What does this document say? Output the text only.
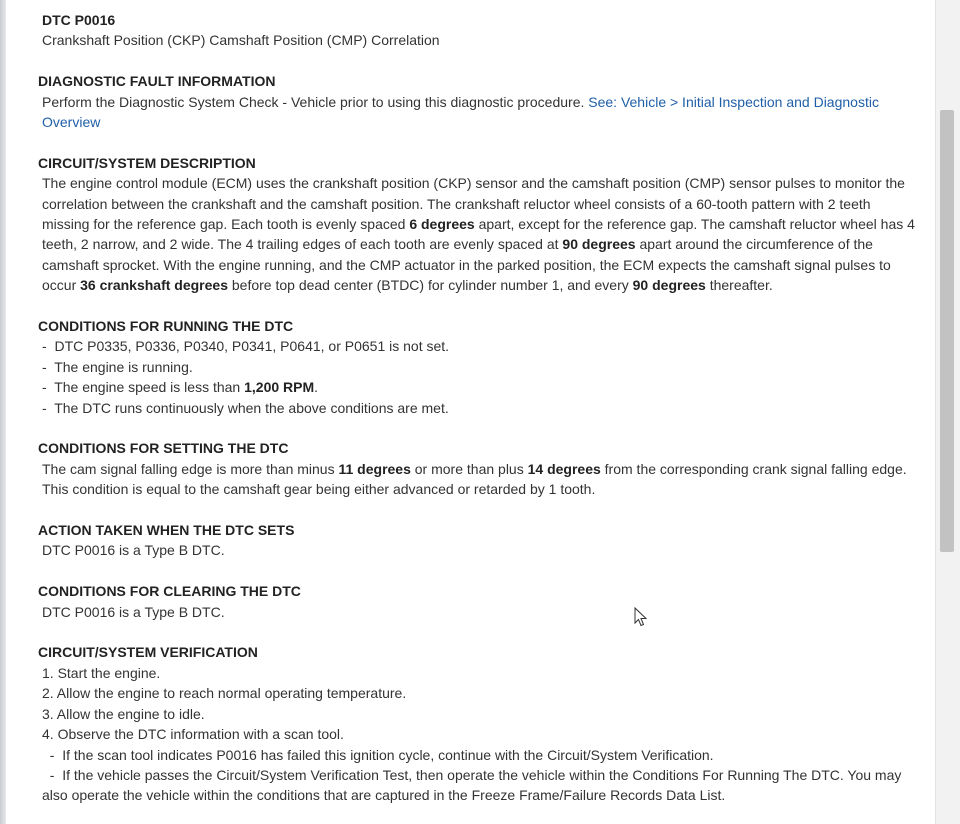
DTC P0016
Crankshaft Position (CKP) Camshaft Position (CMP) Correlation
DIAGNOSTIC FAULT INFORMATION
Perform the Diagnostic System Check - Vehicle prior to using this diagnostic procedure. See: Vehicle > Initial Inspection and Diagnostic Overview
CIRCUIT/SYSTEM DESCRIPTION
The engine control module (ECM) uses the crankshaft position (CKP) sensor and the camshaft position (CMP) sensor pulses to monitor the correlation between the crankshaft and the camshaft position. The crankshaft reluctor wheel consists of a 60-tooth pattern with 2 teeth missing for the reference gap. Each tooth is evenly spaced 6 degrees apart, except for the reference gap. The camshaft reluctor wheel has 4 teeth, 2 narrow, and 2 wide. The 4 trailing edges of each tooth are evenly spaced at 90 degrees apart around the circumference of the camshaft sprocket. With the engine running, and the CMP actuator in the parked position, the ECM expects the camshaft signal pulses to occur 36 crankshaft degrees before top dead center (BTDC) for cylinder number 1, and every 90 degrees thereafter.
CONDITIONS FOR RUNNING THE DTC
-  DTC P0335, P0336, P0340, P0341, P0641, or P0651 is not set.
-  The engine is running.
-  The engine speed is less than 1,200 RPM.
-  The DTC runs continuously when the above conditions are met.
CONDITIONS FOR SETTING THE DTC
The cam signal falling edge is more than minus 11 degrees or more than plus 14 degrees from the corresponding crank signal falling edge. This condition is equal to the camshaft gear being either advanced or retarded by 1 tooth.
ACTION TAKEN WHEN THE DTC SETS
DTC P0016 is a Type B DTC.
CONDITIONS FOR CLEARING THE DTC
DTC P0016 is a Type B DTC.
CIRCUIT/SYSTEM VERIFICATION
1. Start the engine.
2. Allow the engine to reach normal operating temperature.
3. Allow the engine to idle.
4. Observe the DTC information with a scan tool.
-  If the scan tool indicates P0016 has failed this ignition cycle, continue with the Circuit/System Verification.
-  If the vehicle passes the Circuit/System Verification Test, then operate the vehicle within the Conditions For Running The DTC. You may also operate the vehicle within the conditions that are captured in the Freeze Frame/Failure Records Data List.
